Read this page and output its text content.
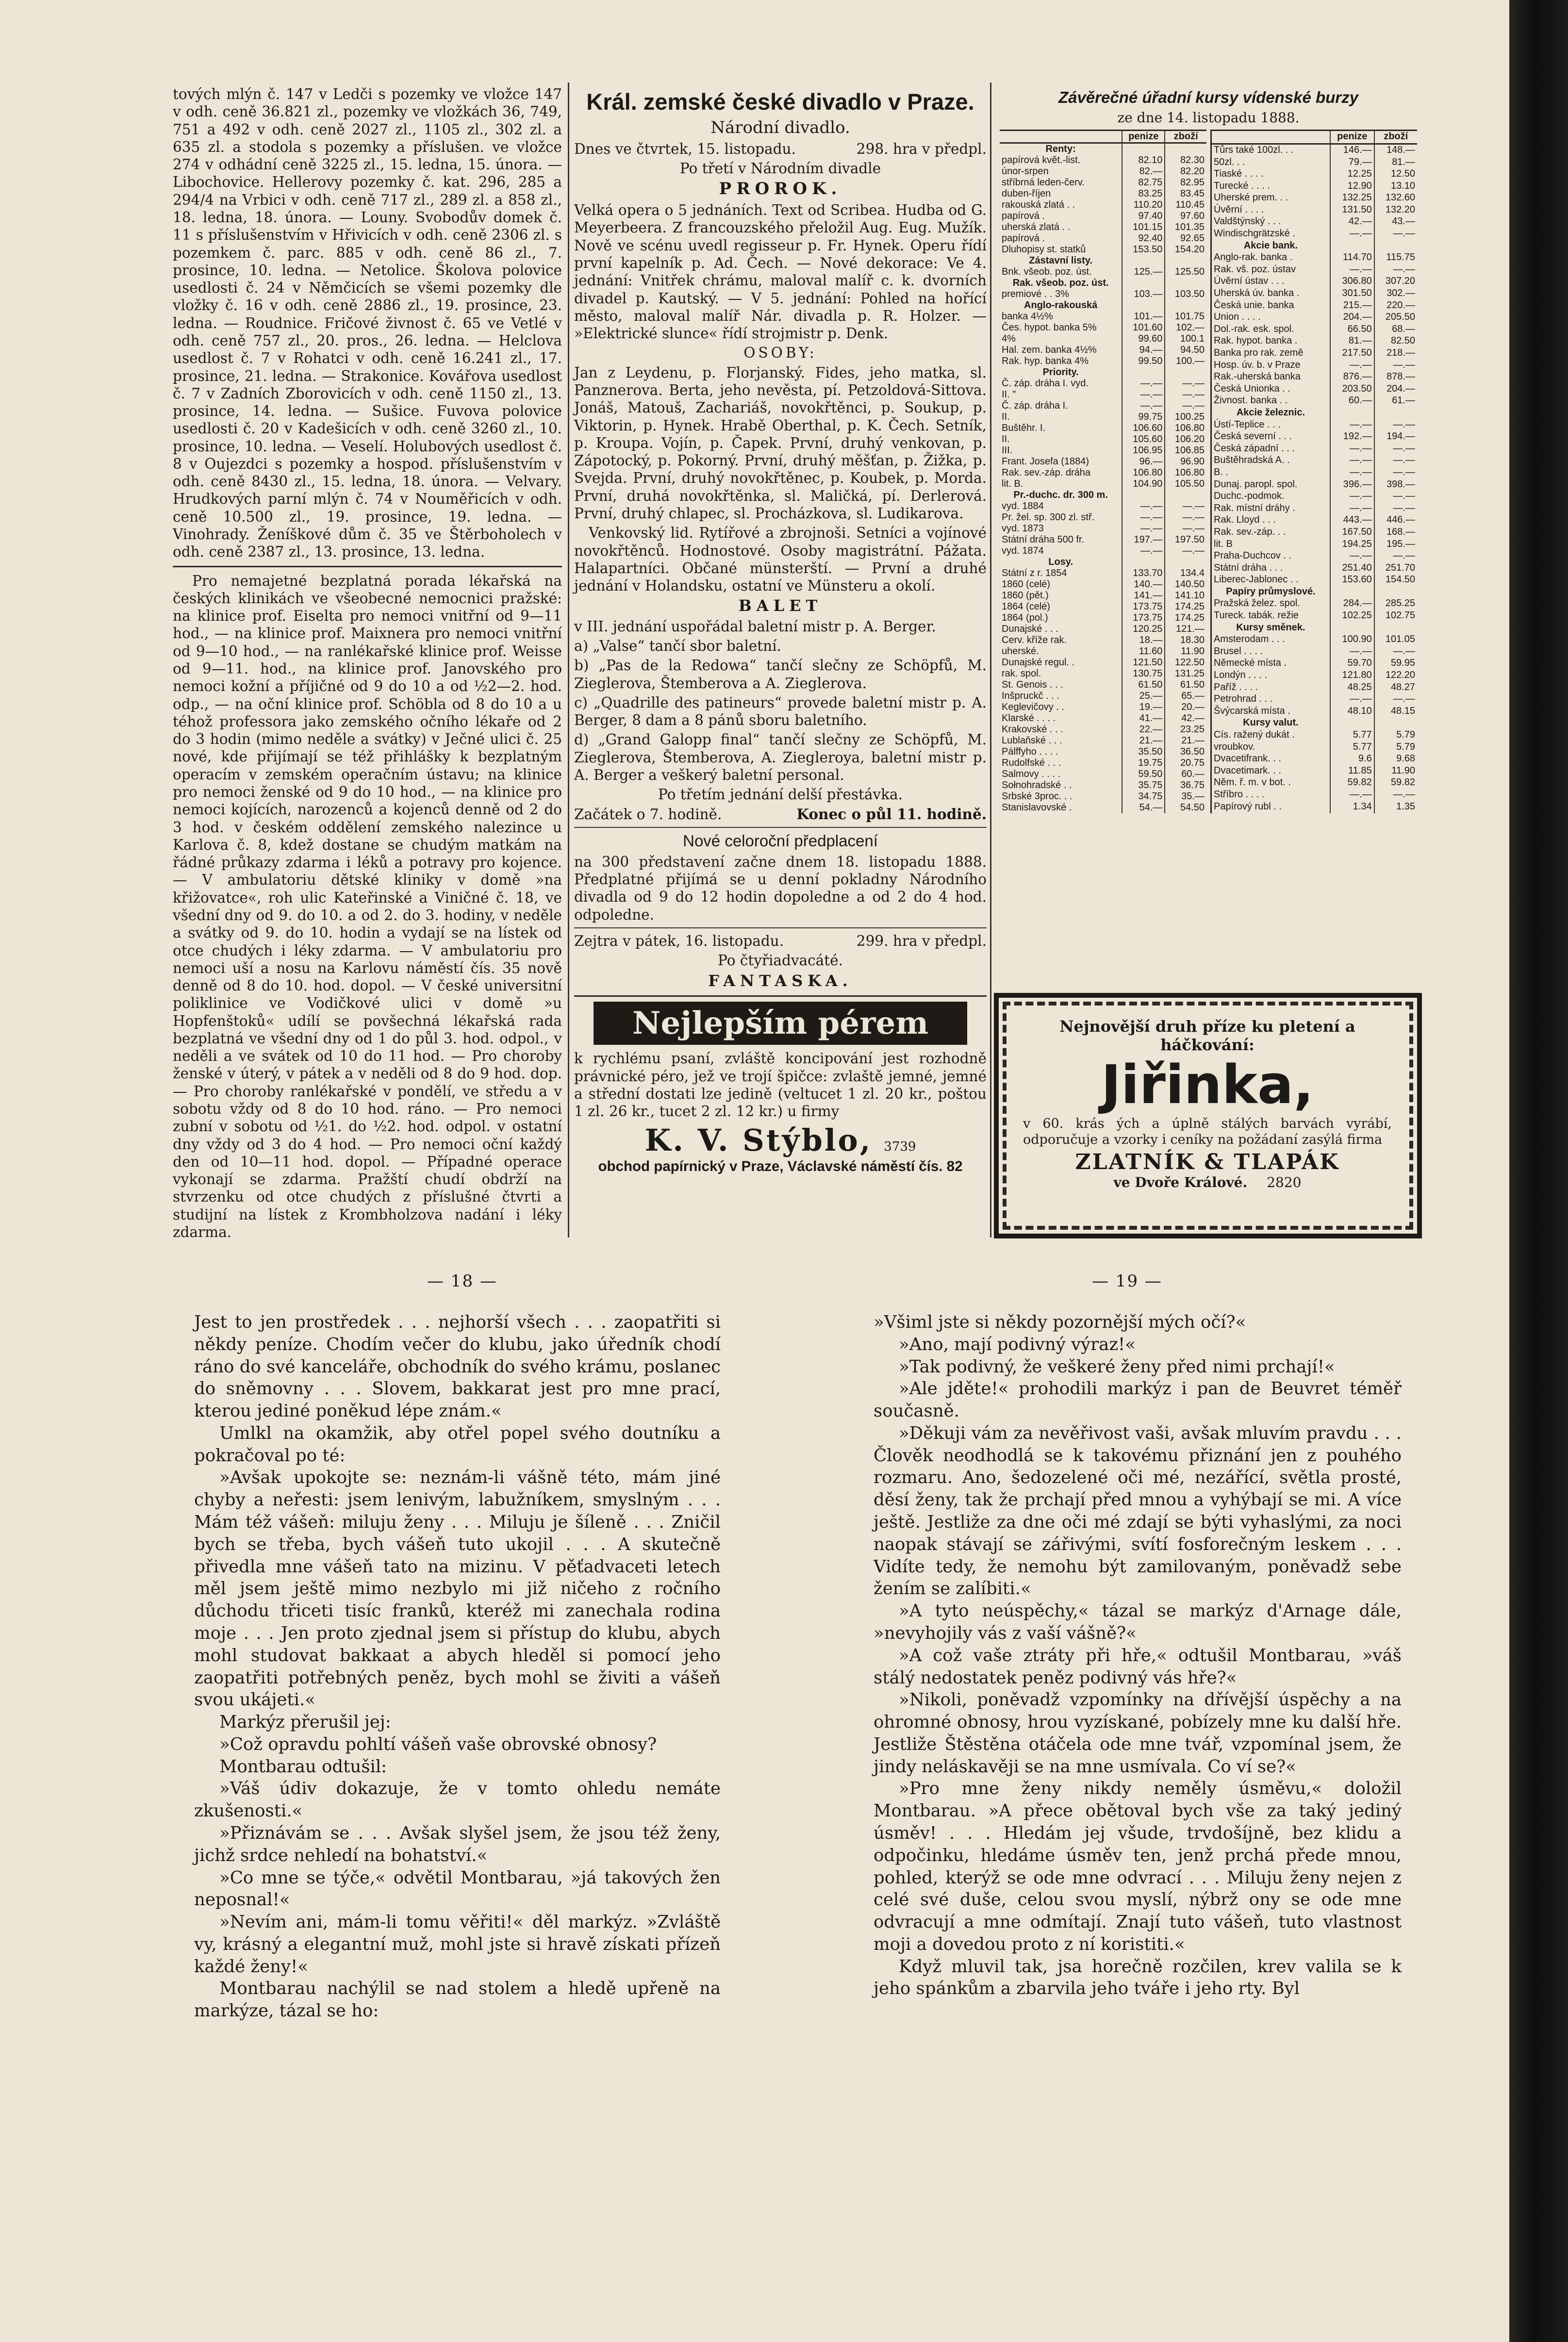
tových mlýn č. 147 v Ledči s pozemky ve vložce 147 v odh. ceně 36.821 zl., pozemky ve vložkách 36, 749, 751 a 492 v odh. ceně 2027 zl., 1105 zl., 302 zl. a 635 zl. a stodola s pozemky a příslušen. ve vložce 274 v odhádní ceně 3225 zl., 15. ledna, 15. února. — Libochovice. Hellerovy pozemky č. kat. 296, 285 a 294/4 na Vrbici v odh. ceně 717 zl., 289 zl. a 858 zl., 18. ledna, 18. února. — Louny. Svobodův domek č. 11 s příslušenstvím v Hřivicích v odh. ceně 2306 zl. s pozemkem č. parc. 885 v odh. ceně 86 zl., 7. prosince, 10. ledna. — Netolice. Školova polovice usedlosti č. 24 v Němčicích se všemi pozemky dle vložky č. 16 v odh. ceně 2886 zl., 19. prosince, 23. ledna. — Roudnice. Fričové živnost č. 65 ve Vetlé v odh. ceně 757 zl., 20. pros., 26. ledna. — Helclova usedlost č. 7 v Rohatci v odh. ceně 16.241 zl., 17. prosince, 21. ledna. — Strakonice. Kovářova usedlost č. 7 v Zadních Zborovicích v odh. ceně 1150 zl., 13. prosince, 14. ledna. — Sušice. Fuvova polovice usedlosti č. 20 v Kadešicích v odh. ceně 3260 zl., 10. prosince, 10. ledna. — Veselí. Holubových usedlost č. 8 v Oujezdci s pozemky a hospod. příslušenstvím v odh. ceně 8430 zl., 15. ledna, 18. února. — Velvary. Hrudkových parní mlýn č. 74 v Nouměřicích v odh. ceně 10.500 zl., 19. prosince, 19. ledna. — Vinohrady. Ženíškové dům č. 35 ve Štěrboholech v odh. ceně 2387 zl., 13. prosince, 13. ledna.

Pro nemajetné bezplatná porada lékařská na českých klinikách ve všeobecné nemocnici pražské: na klinice prof. Eiselta pro nemoci vnitřní od 9—11 hod., — na klinice prof. Maixnera pro nemoci vnitřní od 9—10 hod., — na ranlékařské klinice prof. Weisse od 9—11. hod., na klinice prof. Janovského pro nemoci kožní a příjičné od 9 do 10 a od ½2—2. hod. odp., — na oční klinice prof. Schöbla od 8 do 10 a u téhož professora jako zemského očního lékaře od 2 do 3 hodin (mimo neděle a svátky) v Ječné ulici č. 25 nové, kde přijímají se též přihlášky k bezplatným operacím v zemském operačním ústavu; na klinice pro nemoci ženské od 9 do 10 hod., — na klinice pro nemoci kojících, narozenců a kojenců denně od 2 do 3 hod. v českém oddělení zemského nalezince u Karlova č. 8, kdež dostane se chudým matkám na řádné průkazy zdarma i léků a potravy pro kojence. — V ambulatoriu dětské kliniky v domě »na křižovatce«, roh ulic Kateřinské a Viničné č. 18, ve všední dny od 9. do 10. a od 2. do 3. hodiny, v neděle a svátky od 9. do 10. hodin a vydají se na lístek od otce chudých i léky zdarma. — V ambulatoriu pro nemoci uší a nosu na Karlovu náměstí čís. 35 nově denně od 8 do 10. hod. dopol. — V české universitní poliklinice ve Vodičkové ulici v domě »u Hopfenštoků« udílí se povšechná lékařská rada bezplatná ve všední dny od 1 do půl 3. hod. odpol., v neděli a ve svátek od 10 do 11 hod. — Pro choroby ženské v úterý, v pátek a v neděli od 8 do 9 hod. dop. — Pro choroby ranlékařské v pondělí, ve středu a v sobotu vždy od 8 do 10 hod. ráno. — Pro nemoci zubní v sobotu od ½1. do ½2. hod. odpol. v ostatní dny vždy od 3 do 4 hod. — Pro nemoci oční každý den od 10—11 hod. dopol. — Případné operace vykonají se zdarma. Pražští chudí obdrží na stvrzenku od otce chudých z příslušné čtvrti a studijní na lístek z Krombholzova nadání i léky zdarma.

Král. zemské české divadlo v Praze.
Národní divadlo.
Dnes ve čtvrtek, 15. listopadu.	298. hra v předpl.
Po třetí v Národním divadle
PROROK.

Velká opera o 5 jednáních. Text od Scribea. Hudba od G. Meyerbeera. Z francouzského přeložil Aug. Eug. Mužík. Nově ve scénu uvedl regisseur p. Fr. Hynek. Operu řídí první kapelník p. Ad. Čech. — Nové dekorace: Ve 4. jednání: Vnitřek chrámu, maloval malíř c. k. dvorních divadel p. Kautský. — V 5. jednání: Pohled na hořící město, maloval malíř Nár. divadla p. R. Holzer. — »Elektrické slunce« řídí strojmistr p. Denk.

OSOBY:

Jan z Leydenu, p. Florjanský. Fides, jeho matka, sl. Panznerova. Berta, jeho nevěsta, pí. Petzoldová-Sittova. Jonáš, Matouš, Zachariáš, novokřtěnci, p. Soukup, p. Viktorin, p. Hynek. Hrabě Oberthal, p. K. Čech. Setník, p. Kroupa. Vojín, p. Čapek. První, druhý venkovan, p. Zápotocký, p. Pokorný. První, druhý měšťan, p. Žižka, p. Svejda. První, druhý novokřtěnec, p. Koubek, p. Morda. První, druhá novokřtěnka, sl. Maličká, pí. Derlerová. První, druhý chlapec, sl. Procházkova, sl. Ludikarova.

Venkovský lid. Rytířové a zbrojnoši. Setníci a vojínové novokřtěnců. Hodnostové. Osoby magistrátní. Pážata. Halapartníci. Občané münsterští. — První a druhé jednání v Holandsku, ostatní ve Münsteru a okolí.

BALET

v III. jednání uspořádal baletní mistr p. A. Berger.

a) „Valse“ tančí sbor baletní.

b) „Pas de la Redowa“ tančí slečny ze Schöpfů, M. Zieglerova, Štemberova a A. Zieglerova.

c) „Quadrille des patineurs“ provede baletní mistr p. A. Berger, 8 dam a 8 pánů sboru baletního.

d) „Grand Galopp final“ tančí slečny ze Schöpfů, M. Zieglerova, Štemberova, A. Ziegleroya, baletní mistr p. A. Berger a veškerý baletní personal.

Po třetím jednání delší přestávka.
Začátek o 7. hodině.	Konec o půl 11. hodině.
Nové celoroční předplacení

na 300 představení začne dnem 18. listopadu 1888. Předplatné přijímá se u denní pokladny Národního divadla od 9 do 12 hodin dopoledne a od 2 do 4 hod. odpoledne.

Zejtra v pátek, 16. listopadu.	299. hra v předpl.
Po čtyřiadvacáté.
FANTASKA.
Nejlepším pérem

k rychlému psaní, zvláště koncipování jest rozhodně právnické péro, jež ve trojí špičce: zvlaště jemné, jemné a střední dostati lze jedině (veltucet 1 zl. 20 kr., poštou 1 zl. 26 kr., tucet 2 zl. 12 kr.) u firmy

K. V. Stýblo, 3739
obchod papírnický v Praze, Václavské náměstí čís. 82
Závěrečné úřadní kursy vídenské burzy
ze dne 14. listopadu 1888.
	penize	zboží
Renty:		
papírová květ.-list.	82.10	82.30
únor-srpen	82.—	82.20
stříbrná leden-červ.	82.75	82.95
duben-říjen	83.25	83.45
rakouská zlatá . .	110.20	110.45
papírová .	97.40	97.60
uherská zlatá . .	101.15	101.35
papírová .	92.40	92.65
Dluhopisy st. statků	153.50	154.20
Zástavní listy.		
Bnk. všeob. poz. úst.	125.—	125.50
Rak. všeob. poz. úst.		
premiové . . 3%	103.—	103.50
Anglo-rakouská		
banka 4½%	101.—	101.75
Čes. hypot. banka 5%	101.60	102.—
4%	99.60	100.1
Hal. zem. banka 4½%	94.—	94.50
Rak. hyp. banka 4%	99.50	100.—
Priority.		
Č. záp. dráha I. vyd.	—.—	—.—
II. "	—.—	—.—
Č. záp. dráha I.	—.—	—.—
II.	99.75	100.25
Buštěhr. I.	106.60	106.80
II.	105.60	106.20
III.	106.95	106.85
Frant. Josefa (1884)	96.—	96.90
Rak. sev.-záp. dráha	106.80	106.80
lit. B.	104.90	105.50
Pr.-duchc. dr. 300 m.		
vyd. 1884	—.—	—.—
Pr. žel. sp. 300 zl. stř.	—.—	—.—
vyd. 1873	—.—	—.—
Státní dráha 500 fr.	197.—	197.50
vyd. 1874	—.—	—.—
Losy.		
Státní z r. 1854	133.70	134.4
1860 (celé)	140.—	140.50
1860 (pět.)	141.—	141.10
1864 (celé)	173.75	174.25
1864 (pol.)	173.75	174.25
Dunajské . . .	120.25	121.—
Cerv. kříže rak.	18.—	18.30
uherské.	11.60	11.90
Dunajské regul. .	121.50	122.50
rak. spol.	130.75	131.25
St. Genois . . .	61.50	61.50
Inšpruckč . . .	25.—	65.—
Keglevičovy . .	19.—	20.—
Klarské . . . .	41.—	42.—
Krakovské . . .	22.—	23.25
Lublaňské . . .	21.—	21.—
Pálffyho . . . .	35.50	36.50
Rudolfské . . .	19.75	20.75
Salmovy . . . .	59.50	60.—
Sołnohradské . .	35.75	36.75
Srbské 3proc. . .	34.75	35.—
Stanislavovské .	54.—	54.50
	penize	zboží
Tůrs také 100zl. . .	146.—	148.—
50zl. . .	79.—	81.—
Tiaské . . . .	12.25	12.50
Turecké . . . .	12.90	13.10
Uherské prem. . .	132.25	132.60
Úvěrní . . . .	131.50	132.20
Valdštýnský . . .	42.—	43.—
Windischgrätzské .	—.—	—.—
Akcie bank.		
Anglo-rak. banka .	114.70	115.75
Rak. vš. poz. ústav	—.—	—.—
Úvěrní ústav . . .	306.80	307.20
Uherská úv. banka .	301.50	302.—
Česká unie. banka	215.—	220.—
Union . . . .	204.—	205.50
Dol.-rak. esk. spol.	66.50	68.—
Rak. hypot. banka .	81.—	82.50
Banka pro rak. země	217.50	218.—
Hosp. úv. b. v Praze	—.—	—.—
Rak.-uherská banka	876.—	878.—
Česká Unionka . .	203.50	204.—
Živnost. banka . .	60.—	61.—
Akcie železnic.		
Ústí-Teplice . . .	—.—	—.—
Česká severní . . .	192.—	194.—
Česká západní . . .	—.—	—.—
Buštěhradská A. .	—.—	—.—
B. .	—.—	—.—
Dunaj. paropl. spol.	396.—	398.—
Duchc.-podmok.	—.—	—.—
Rak. místní dráhy .	—.—	—.—
Rak. Lloyd . . .	443.—	446.—
Rak. sev.-záp. . .	167.50	168.—
lit. B	194.25	195.—
Praha-Duchcov . .	—.—	—.—
Státní dráha . . .	251.40	251.70
Liberec-Jablonec . .	153.60	154.50
Papíry průmyslové.		
Pražská želez. spol.	284.—	285.25
Tureck. tabák. režie	102.25	102.75
Kursy směnek.		
Amsterodam . . .	100.90	101.05
Brusel . . . .	—.—	—.—
Německé místa .	59.70	59.95
Londýn . . . .	121.80	122.20
Paříž . . . .	48.25	48.27
Petrohrad . . .	—.—	—.—
Švýcarská místa .	48.10	48.15
Kursy valut.		
Cís. ražený dukát .	5.77	5.79
vroubkov.	5.77	5.79
Dvacetifrank. . .	9.6	9.68
Dvacetimark. . .	11.85	11.90
Něm. ř. m. v bot. .	59.82	59.82
Stříbro . . . .	—.—	—.—
Papírový rubl . .	1.34	1.35
Nejnovější druh příze ku pletení a háčkování:
Jiřinka,
v 60. krás ých a úplně stálých barvách vyrábí, odporučuje a vzorky i ceníky na požádaní zasýlá firma
ZLATNÍK & TLAPÁK
ve Dvoře Králové. 2820
— 18 —	— 19 —

Jest to jen prostředek . . . nejhorší všech . . . zaopatřiti si někdy peníze. Chodím večer do klubu, jako úředník chodí ráno do své kanceláře, obchodník do svého krámu, poslanec do sněmovny . . . Slovem, bakkarat jest pro mne prací, kterou jediné poněkud lépe znám.«

Umlkl na okamžik, aby otřel popel svého doutníku a pokračoval po té:

»Avšak upokojte se: neznám-li vášně této, mám jiné chyby a neřesti: jsem lenivým, labužníkem, smyslným . . . Mám též vášeň: miluju ženy . . . Miluju je šíleně . . . Zničil bych se třeba, bych vášeň tuto ukojil . . . A skutečně přivedla mne vášeň tato na mizinu. V pěťadvaceti letech měl jsem ještě mimo nezbylo mi již ničeho z ročního důchodu třiceti tisíc franků, kteréž mi zanechala rodina moje . . . Jen proto zjednal jsem si přístup do klubu, abych mohl studovat bakkaat a abych hleděl si pomocí jeho zaopatřiti potřebných peněz, bych mohl se živiti a vášeň svou ukájeti.«

Markýz přerušil jej:

»Což opravdu pohltí vášeň vaše obrovské obnosy?

Montbarau odtušil:

»Váš údiv dokazuje, že v tomto ohledu nemáte zkušenosti.«

»Přiznávám se . . . Avšak slyšel jsem, že jsou též ženy, jichž srdce nehledí na bohatství.«

»Co mne se týče,« odvětil Montbarau, »já takových žen neposnal!«

»Nevím ani, mám-li tomu věřiti!« děl markýz. »Zvláště vy, krásný a elegantní muž, mohl jste si hravě získati přízeň každé ženy!«

Montbarau nachýlil se nad stolem a hledě upřeně na markýze, tázal se ho:

»Všiml jste si někdy pozornější mých očí?«

»Ano, mají podivný výraz!«

»Tak podivný, že veškeré ženy před nimi prchají!«

»Ale jděte!« prohodili markýz i pan de Beuvret téměř současně.

»Děkuji vám za nevěřivost vaši, avšak mluvím pravdu . . . Člověk neodhodlá se k takovému přiznání jen z pouhého rozmaru. Ano, šedozelené oči mé, nezářící, světla prosté, děsí ženy, tak že prchají před mnou a vyhýbají se mi. A více ještě. Jestliže za dne oči mé zdají se býti vyhaslými, za noci naopak stávají se zářivými, svítí fosforečným leskem . . . Vidíte tedy, že nemohu být zamilovaným, poněvadž sebe žením se zalíbiti.«

»A tyto neúspěchy,« tázal se markýz d'Arnage dále, »nevyhojily vás z vaší vášně?«

»A což vaše ztráty při hře,« odtušil Montbarau, »váš stálý nedostatek peněz podivný vás hře?«

»Nikoli, poněvadž vzpomínky na dřívější úspěchy a na ohromné obnosy, hrou vyzískané, pobízely mne ku další hře. Jestliže Štěstěna otáčela ode mne tvář, vzpomínal jsem, že jindy neláskavěji se na mne usmívala. Co ví se?«

»Pro mne ženy nikdy neměly úsměvu,« doložil Montbarau. »A přece obětoval bych vše za taký jediný úsměv! . . . Hledám jej všude, trvdošíjně, bez klidu a odpočinku, hledáme úsměv ten, jenž prchá přede mnou, pohled, kterýž se ode mne odvrací . . . Miluju ženy nejen z celé své duše, celou svou myslí, nýbrž ony se ode mne odvracují a mne odmítají. Znají tuto vášeň, tuto vlastnost moji a dovedou proto z ní koristiti.«

Když mluvil tak, jsa horečně rozčilen, krev valila se k jeho spánkům a zbarvila jeho tváře i jeho rty. Byl
